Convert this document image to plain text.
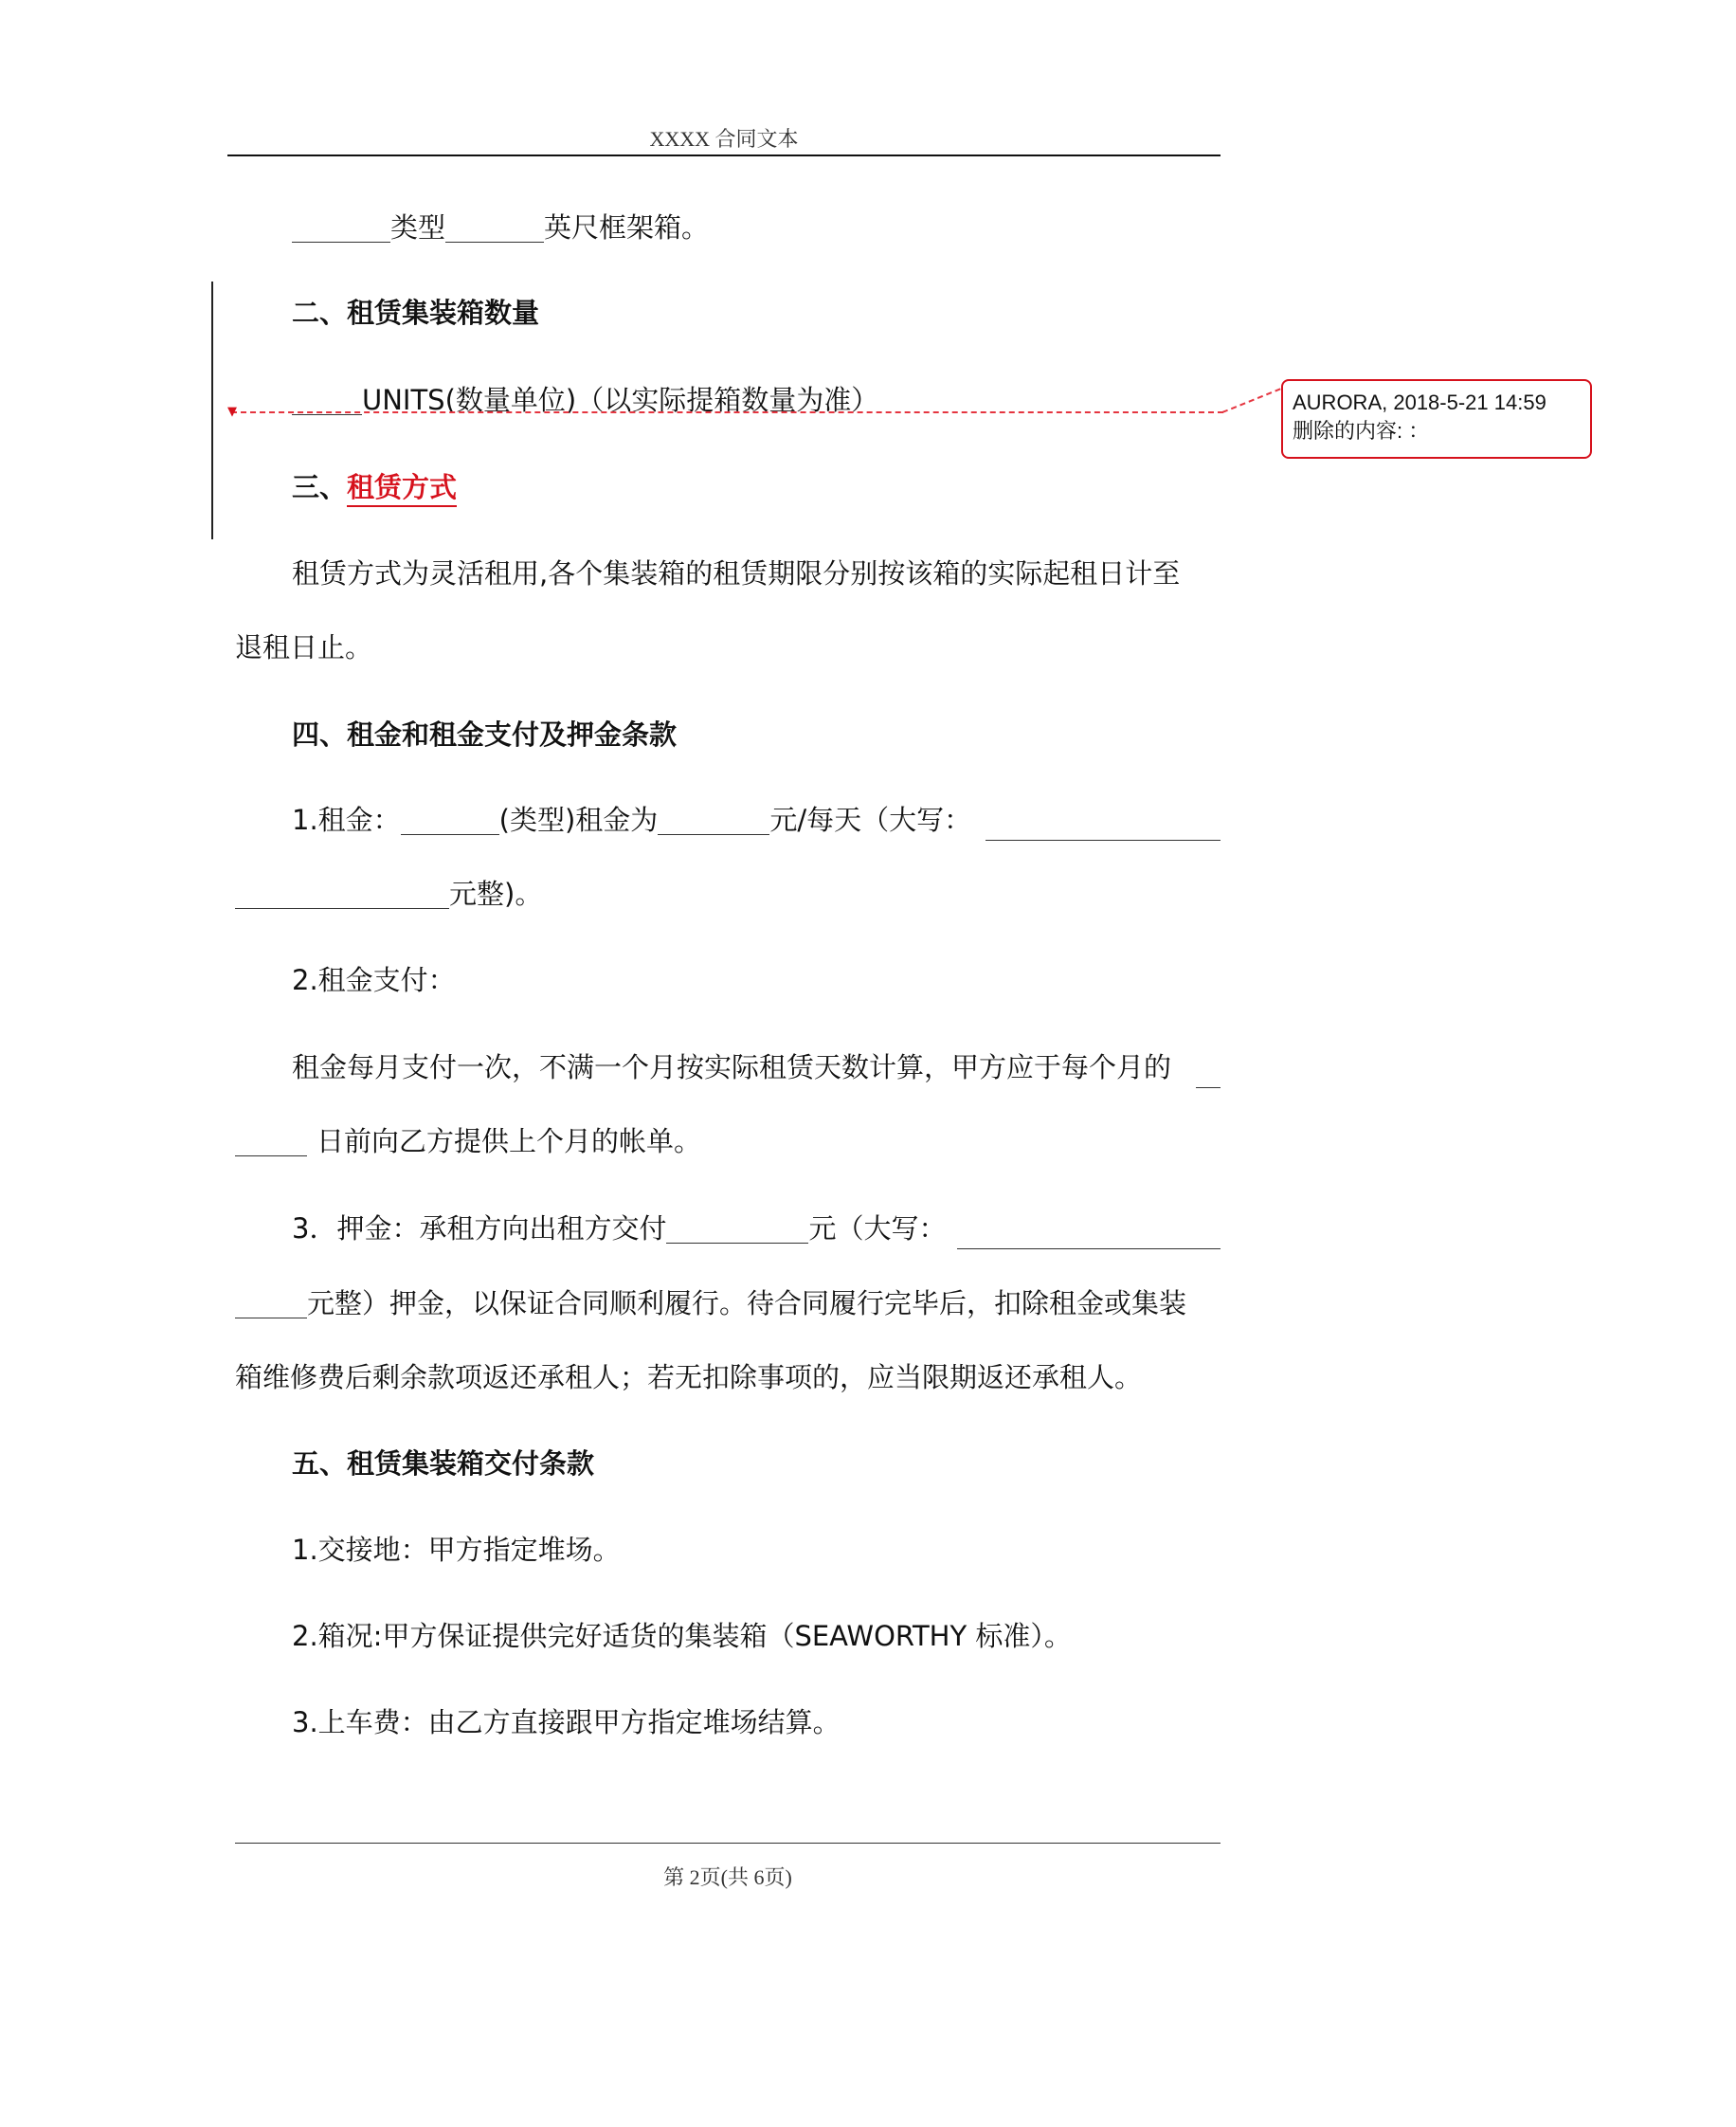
XXXX 合同文本
类型	英尺框架箱。
二、租赁集装箱数量
UNITS(数量单位)（以实际提箱数量为准）
▼	AURORA, 2018-5-21 14:59
删除的内容: ：
三、租赁方式
租赁方式为灵活租用,各个集装箱的租赁期限分别按该箱的实际起租日计至
退租日止。
四、租金和租金支付及押金条款
1.租金：	(类型)租金为	元/每天（大写：
元整)。
2.租金支付：
租金每月支付一次，不满一个月按实际租赁天数计算，甲方应于每个月的
日前向乙方提供上个月的帐单。
3．押金：承租方向出租方交付	元（大写：
元整）押金，以保证合同顺利履行。待合同履行完毕后，扣除租金或集装
箱维修费后剩余款项返还承租人；若无扣除事项的，应当限期返还承租人。
五、租赁集装箱交付条款
1.交接地：甲方指定堆场。
2.箱况:甲方保证提供完好适货的集装箱（SEAWORTHY 标准）。
3.上车费：由乙方直接跟甲方指定堆场结算。
第 2页(共 6页)
